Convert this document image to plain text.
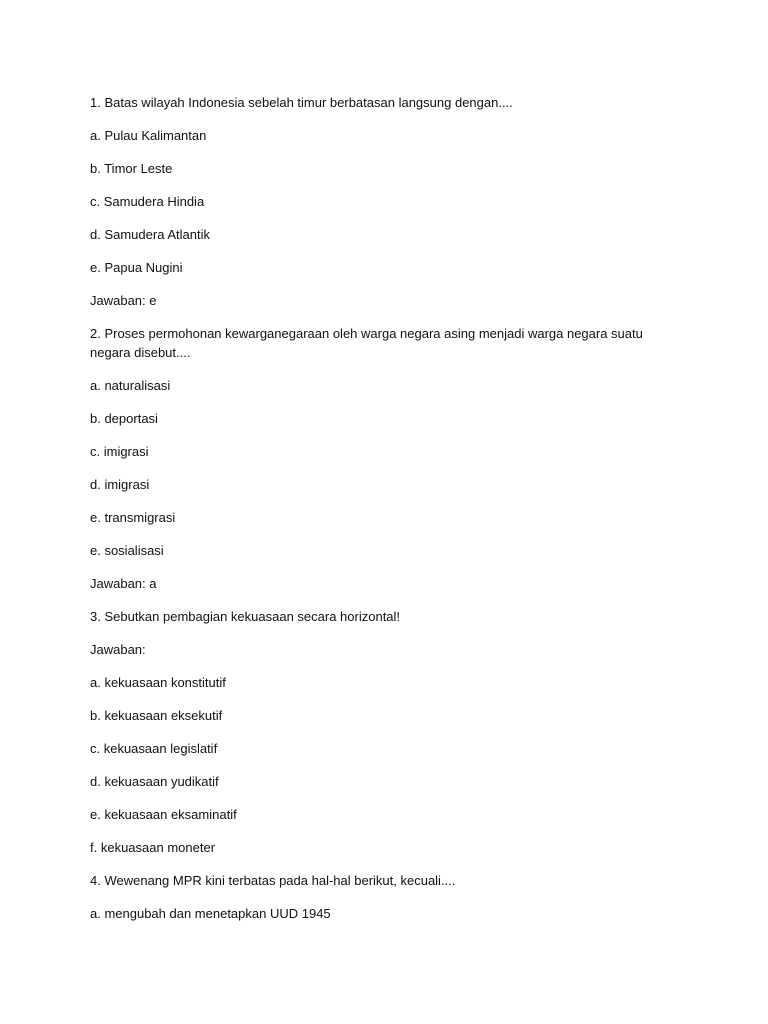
1. Batas wilayah Indonesia sebelah timur berbatasan langsung dengan....

a. Pulau Kalimantan

b. Timor Leste

c. Samudera Hindia

d. Samudera Atlantik

e. Papua Nugini

Jawaban: e

2. Proses permohonan kewarganegaraan oleh warga negara asing menjadi warga negara suatu negara disebut....

a. naturalisasi

b. deportasi

c. imigrasi

d. imigrasi

e. transmigrasi

e. sosialisasi

Jawaban: a

3. Sebutkan pembagian kekuasaan secara horizontal!

Jawaban:

a. kekuasaan konstitutif

b. kekuasaan eksekutif

c. kekuasaan legislatif

d. kekuasaan yudikatif

e. kekuasaan eksaminatif

f. kekuasaan moneter

4. Wewenang MPR kini terbatas pada hal-hal berikut, kecuali....

a. mengubah dan menetapkan UUD 1945
